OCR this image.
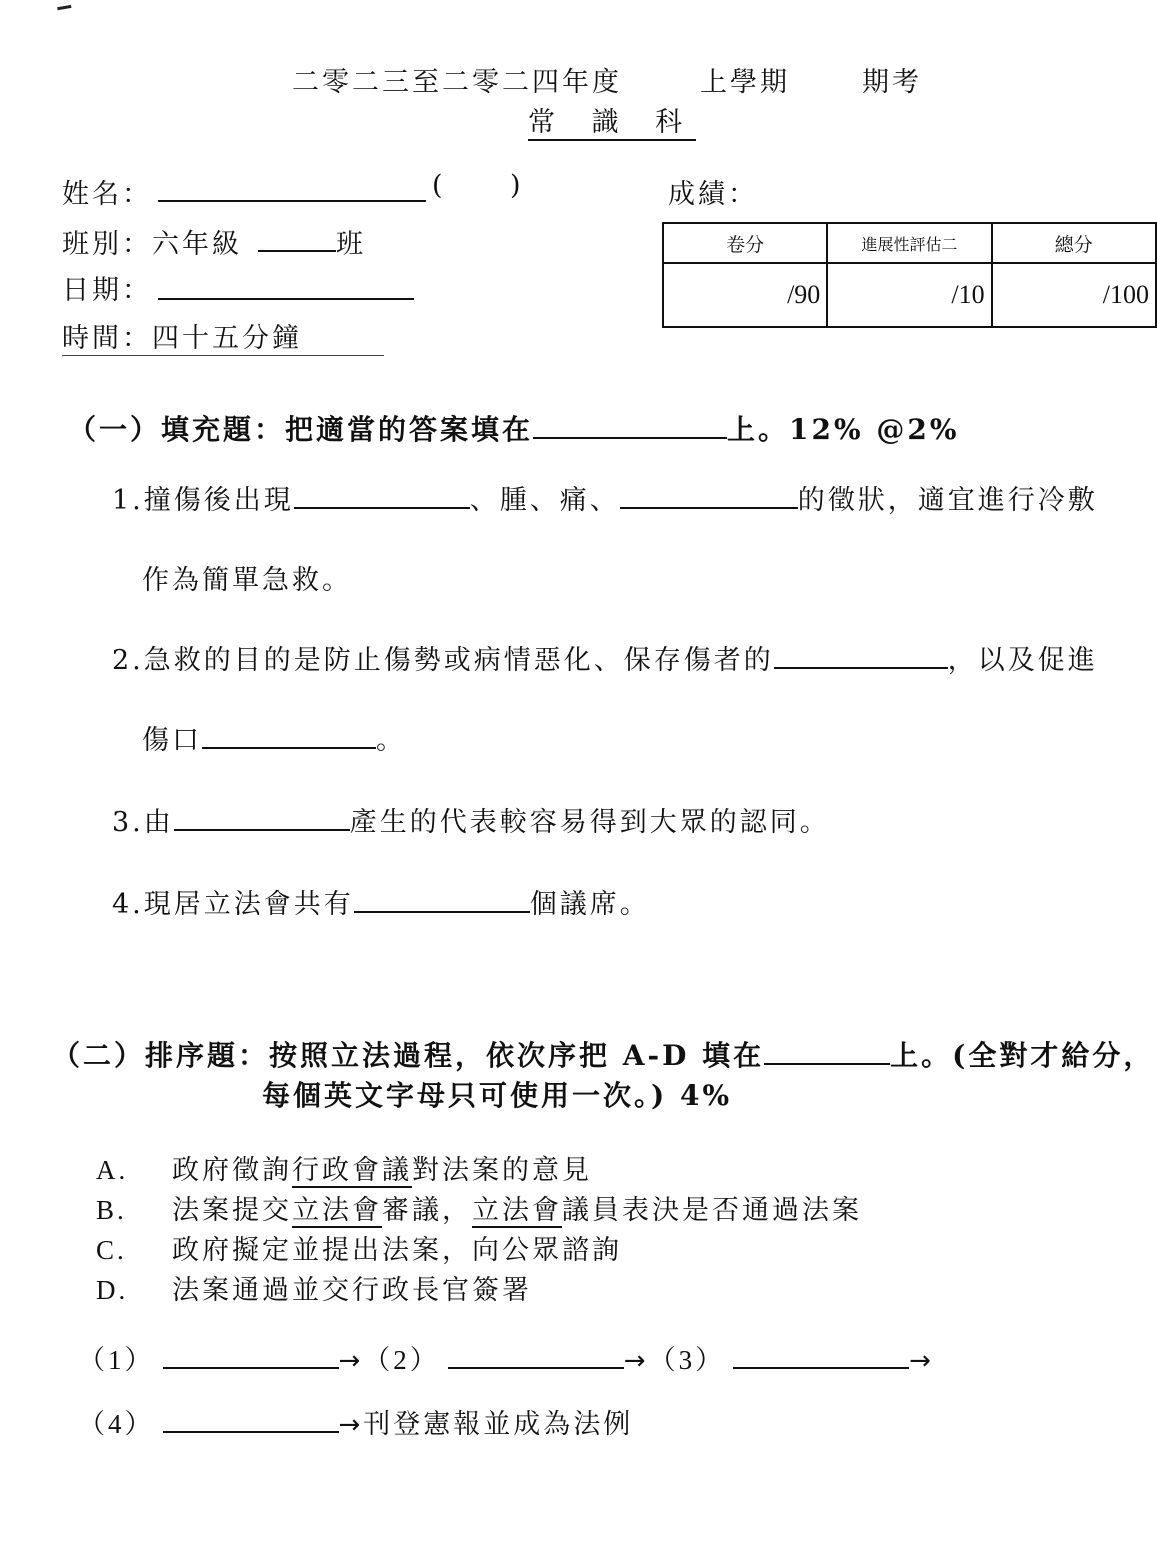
二零二三至二零二四年度	上學期	期考
常 識 科
姓名：	( )
班別：六年級	班
日期：
時間：四十五分鐘
成績：
卷分	進展性評估二	總分
/90	/10	/100
（一）填充題：把適當的答案填在	上。12% @2%
1.撞傷後出現	、腫、痛、	的徵狀，適宜進行冷敷
作為簡單急救。
2.急救的目的是防止傷勢或病情惡化、保存傷者的	，以及促進
傷口	。
3.由	產生的代表較容易得到大眾的認同。
4.現居立法會共有	個議席。
（二）排序題：按照立法過程，依次序把 A-D 填在	上。(全對才給分，
每個英文字母只可使用一次。) 4%
A. 政府徵詢行政會議對法案的意見
B. 法案提交立法會審議，立法會議員表決是否通過法案
C. 政府擬定並提出法案，向公眾諮詢
D. 法案通過並交行政長官簽署
（1）	→（2）	→（3）	→
（4）	→刊登憲報並成為法例
